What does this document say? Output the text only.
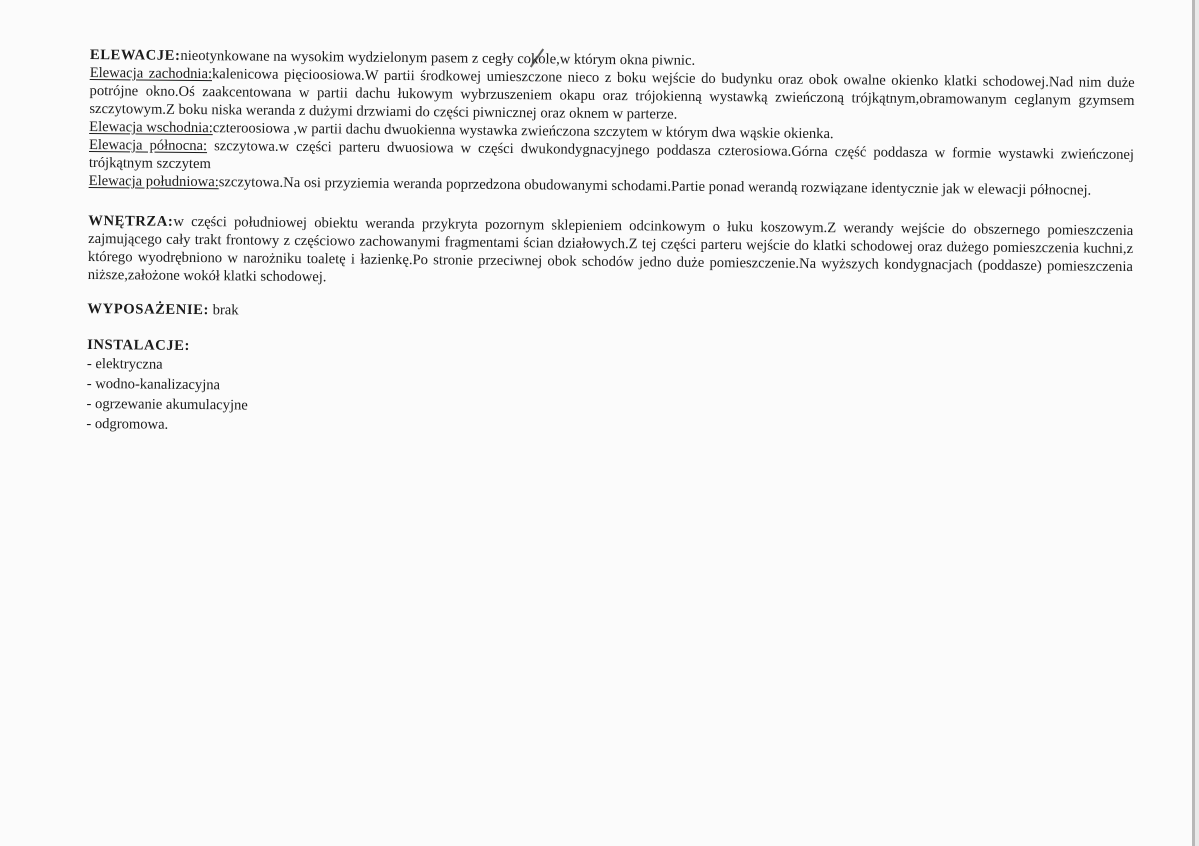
ELEWACJE:nieotynkowane na wysokim wydzielonym pasem z cegły cokole,w którym okna piwnic.
Elewacja zachodnia:kalenicowa pięcioosiowa.W partii środkowej umieszczone nieco z boku wejście do budynku oraz obok owalne okienko klatki schodowej.Nad nim duże potrójne okno.Oś zaakcentowana w partii dachu łukowym wybrzuszeniem okapu oraz trójokienną wystawką zwieńczoną trójkątnym,obramowanym ceglanym gzymsem szczytowym.Z boku niska weranda z dużymi drzwiami do części piwnicznej oraz oknem w parterze.
Elewacja wschodnia:czteroosiowa ,w partii dachu dwuokienna wystawka zwieńczona szczytem w którym dwa wąskie okienka.
Elewacja północna: szczytowa.w części parteru dwuosiowa w części dwukondygnacyjnego poddasza czterosiowa.Górna część poddasza w formie wystawki zwieńczonej trójkątnym szczytem
Elewacja południowa:szczytowa.Na osi przyziemia weranda poprzedzona obudowanymi schodami.Partie ponad werandą rozwiązane identycznie jak w elewacji północnej.
WNĘTRZA:w części południowej obiektu weranda przykryta pozornym sklepieniem odcinkowym o łuku koszowym.Z werandy wejście do obszernego pomieszczenia zajmującego cały trakt frontowy z częściowo zachowanymi fragmentami ścian działowych.Z tej części parteru wejście do klatki schodowej oraz dużego pomieszczenia kuchni,z którego wyodrębniono w narożniku toaletę i łazienkę.Po stronie przeciwnej obok schodów jedno duże pomieszczenie.Na wyższych kondygnacjach (poddasze) pomieszczenia niższe,założone wokół klatki schodowej.
WYPOSAŻENIE: brak
INSTALACJE:
- elektryczna
- wodno-kanalizacyjna
- ogrzewanie akumulacyjne
- odgromowa.
